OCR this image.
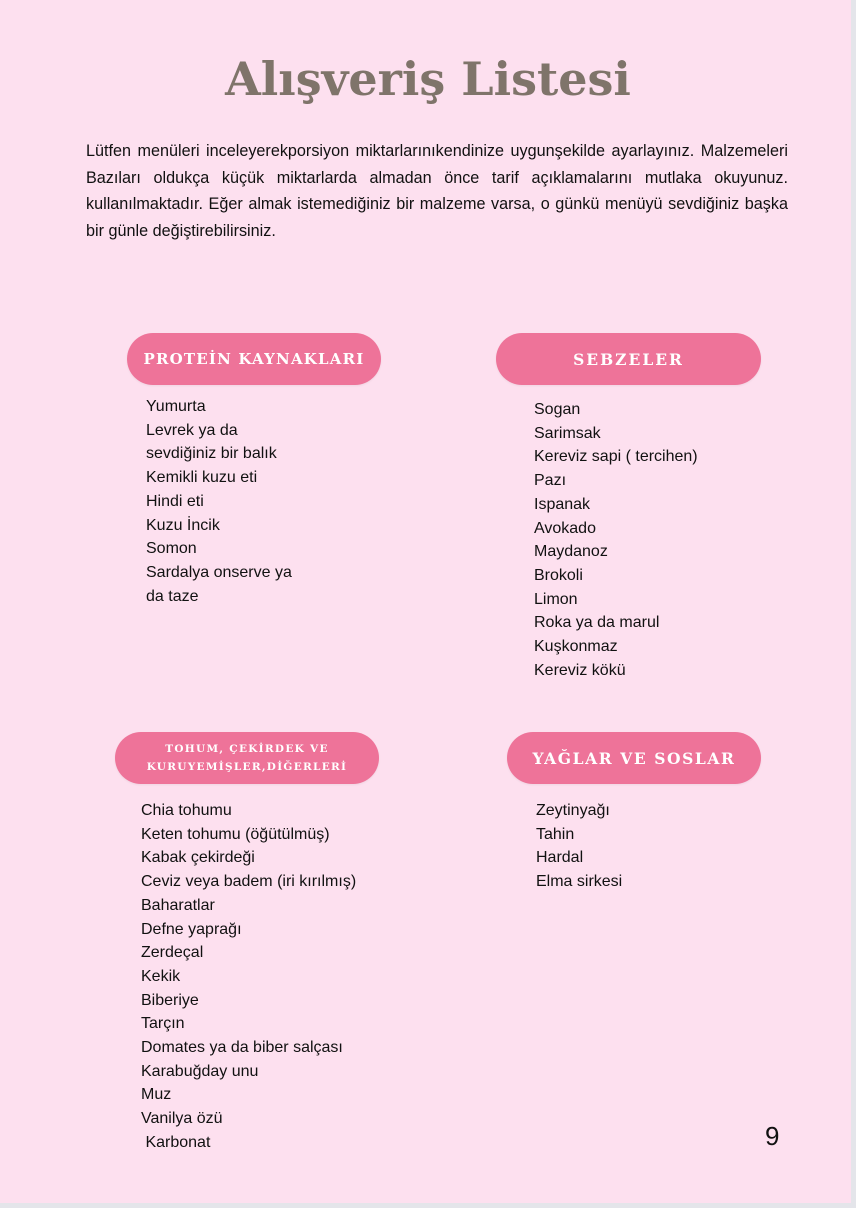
Alışveriş Listesi

Lütfen menüleri inceleyerekporsiyon miktarlarınıkendinize uygunşekilde ayarlayınız. Malzemeleri Bazıları oldukça küçük miktarlarda almadan önce tarif açıklamalarını mutlaka okuyunuz. kullanılmaktadır. Eğer almak istemediğiniz bir malzeme varsa, o günkü menüyü sevdiğiniz başka bir günle değiştirebilirsiniz.

PROTEİN KAYNAKLARI
Yumurta
Levrek ya da
sevdiğiniz bir balık
Kemikli kuzu eti
Hindi eti
Kuzu İncik
Somon
Sardalya onserve ya
da taze
SEBZELER
Sogan
Sarimsak
Kereviz sapi ( tercihen)
Pazı
Ispanak
Avokado
Maydanoz
Brokoli
Limon
Roka ya da marul
Kuşkonmaz
Kereviz kökü
TOHUM, ÇEKİRDEK VE
KURUYEMİŞLER,DİĞERLERİ
Chia tohumu
Keten tohumu (öğütülmüş)
Kabak çekirdeği
Ceviz veya badem (iri kırılmış)
Baharatlar
Defne yaprağı
Zerdeçal
Kekik
Biberiye
Tarçın
Domates ya da biber salçası
Karabuğday unu
Muz
Vanilya özü
Karbonat
YAĞLAR VE SOSLAR
Zeytinyağı
Tahin
Hardal
Elma sirkesi
9
